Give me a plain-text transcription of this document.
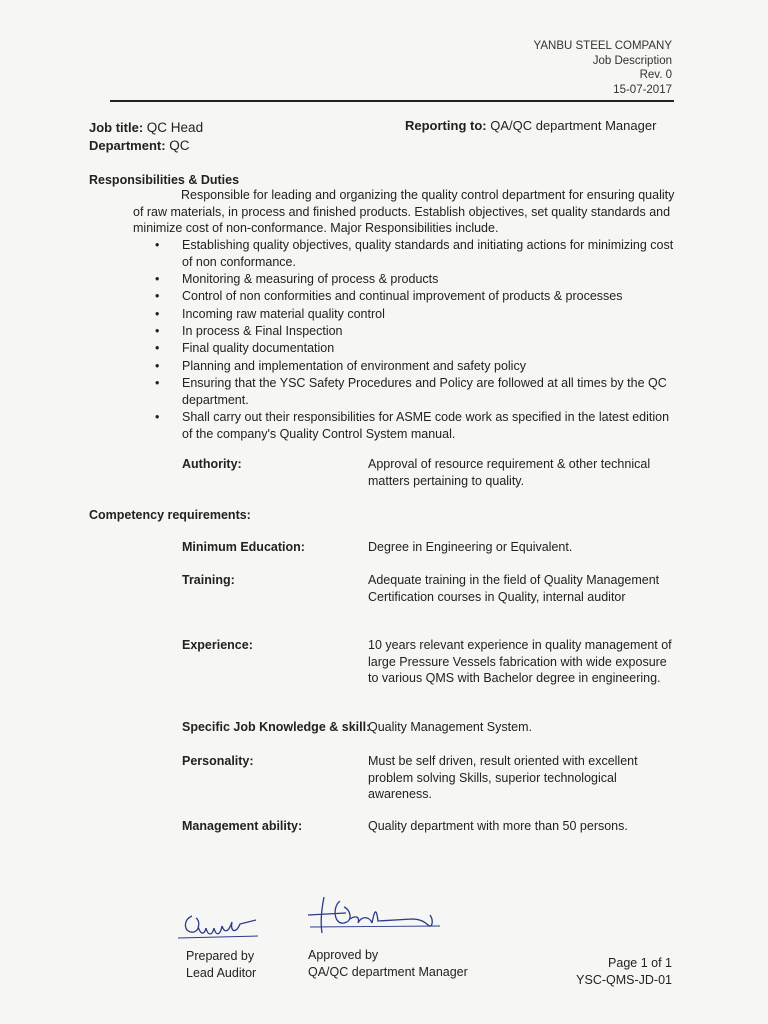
YANBU STEEL COMPANY
Job Description
Rev. 0
15-07-2017
Job title: QC Head
Department: QC
Reporting to: QA/QC department Manager
Responsibilities & Duties
Responsible for leading and organizing the quality control department for ensuring quality of raw materials, in process and finished products. Establish objectives, set quality standards and minimize cost of non-conformance. Major Responsibilities include.
• Establishing quality objectives, quality standards and initiating actions for minimizing cost of non conformance.
• Monitoring & measuring of process & products
• Control of non conformities and continual improvement of products & processes
• Incoming raw material quality control
• In process & Final Inspection
• Final quality documentation
• Planning and implementation of environment and safety policy
• Ensuring that the YSC Safety Procedures and Policy are followed at all times by the QC department.
• Shall carry out their responsibilities for ASME code work as specified in the latest edition of the company's Quality Control System manual.
Authority:	Approval of resource requirement & other technical matters pertaining to quality.
Competency requirements:
Minimum Education:	Degree in Engineering or Equivalent.
Training:	Adequate training in the field of Quality Management Certification courses in Quality, internal auditor
Experience:	10 years relevant experience in quality management of large Pressure Vessels fabrication with wide exposure to various QMS with Bachelor degree in engineering.
Specific Job Knowledge & skill:
Quality Management System.
Personality:	Must be self driven, result oriented with excellent problem solving Skills, superior technological awareness.
Management ability:	Quality department with more than 50 persons.
Prepared by
Lead Auditor
Approved by
QA/QC department Manager
Page 1 of 1
YSC-QMS-JD-01
